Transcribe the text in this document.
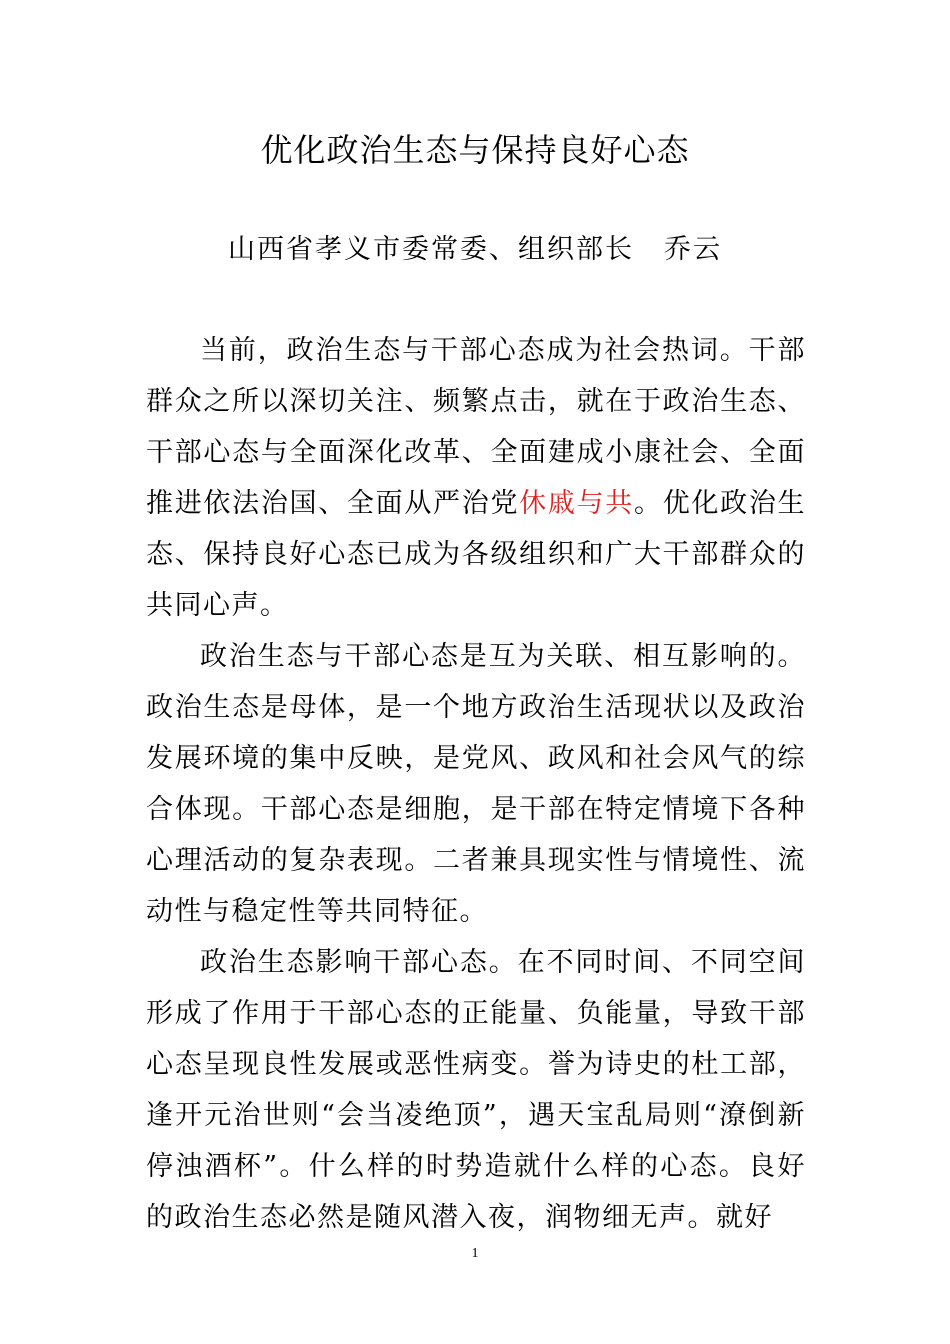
优化政治生态与保持良好心态
山西省孝义市委常委、组织部长 乔云

当前，政治生态与干部心态成为社会热词。干部群众之所以深切关注、频繁点击，就在于政治生态、干部心态与全面深化改革、全面建成小康社会、全面推进依法治国、全面从严治党休戚与共。优化政治生态、保持良好心态已成为各级组织和广大干部群众的共同心声。

政治生态与干部心态是互为关联、相互影响的。政治生态是母体，是一个地方政治生活现状以及政治发展环境的集中反映，是党风、政风和社会风气的综合体现。干部心态是细胞，是干部在特定情境下各种心理活动的复杂表现。二者兼具现实性与情境性、流动性与稳定性等共同特征。

政治生态影响干部心态。在不同时间、不同空间形成了作用于干部心态的正能量、负能量，导致干部心态呈现良性发展或恶性病变。誉为诗史的杜工部，逢开元治世则“会当凌绝顶”，遇天宝乱局则“潦倒新停浊酒杯”。什么样的时势造就什么样的心态。良好的政治生态必然是随风潜入夜，润物细无声。就好

1
